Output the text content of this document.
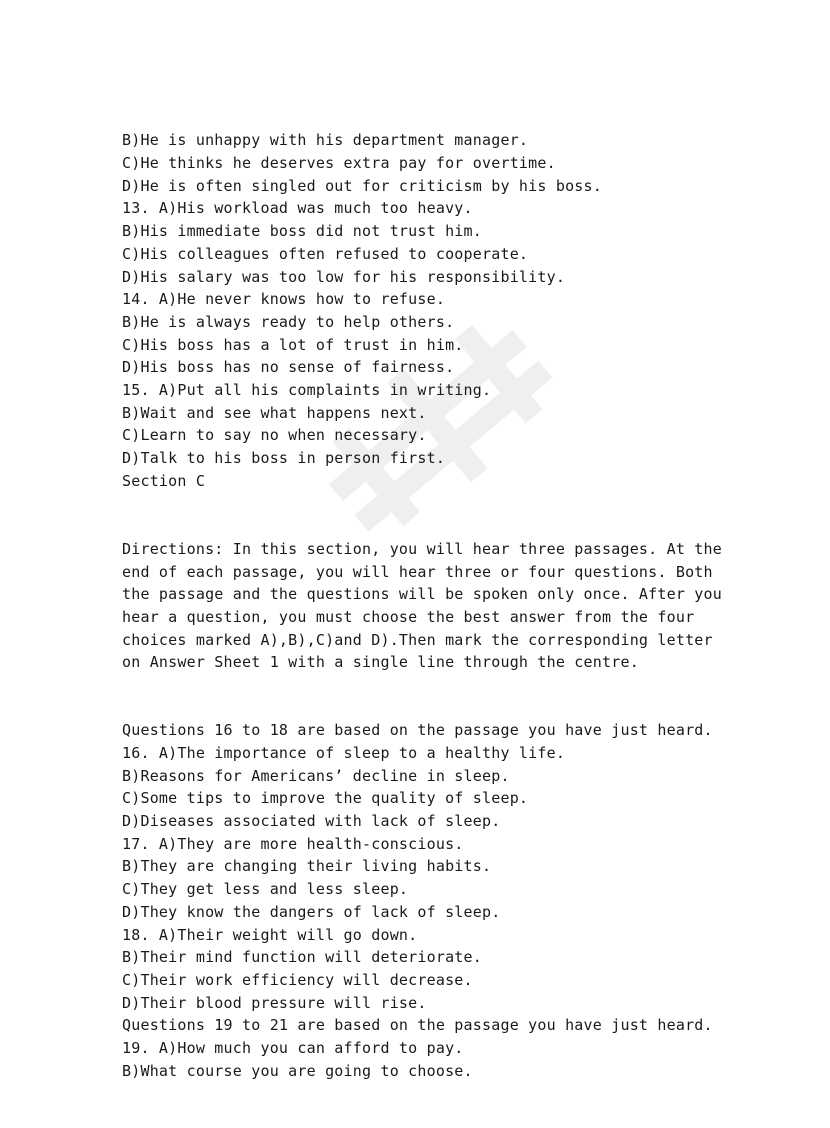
B)He is unhappy with his department manager.
C)He thinks he deserves extra pay for overtime.
D)He is often singled out for criticism by his boss.
13. A)His workload was much too heavy.
B)His immediate boss did not trust him.
C)His colleagues often refused to cooperate.
D)His salary was too low for his responsibility.
14. A)He never knows how to refuse.
B)He is always ready to help others.
C)His boss has a lot of trust in him.
D)His boss has no sense of fairness.
15. A)Put all his complaints in writing.
B)Wait and see what happens next.
C)Learn to say no when necessary.
D)Talk to his boss in person first.
Section C

Directions: In this section, you will hear three passages. At the
end of each passage, you will hear three or four questions. Both
the passage and the questions will be spoken only once. After you
hear a question, you must choose the best answer from the four
choices marked A),B),C)and D).Then mark the corresponding letter
on Answer Sheet 1 with a single line through the centre.

Questions 16 to 18 are based on the passage you have just heard.
16. A)The importance of sleep to a healthy life.
B)Reasons for Americans’ decline in sleep.
C)Some tips to improve the quality of sleep.
D)Diseases associated with lack of sleep.
17. A)They are more health-conscious.
B)They are changing their living habits.
C)They get less and less sleep.
D)They know the dangers of lack of sleep.
18. A)Their weight will go down.
B)Their mind function will deteriorate.
C)Their work efficiency will decrease.
D)Their blood pressure will rise.
Questions 19 to 21 are based on the passage you have just heard.
19. A)How much you can afford to pay.
B)What course you are going to choose.
